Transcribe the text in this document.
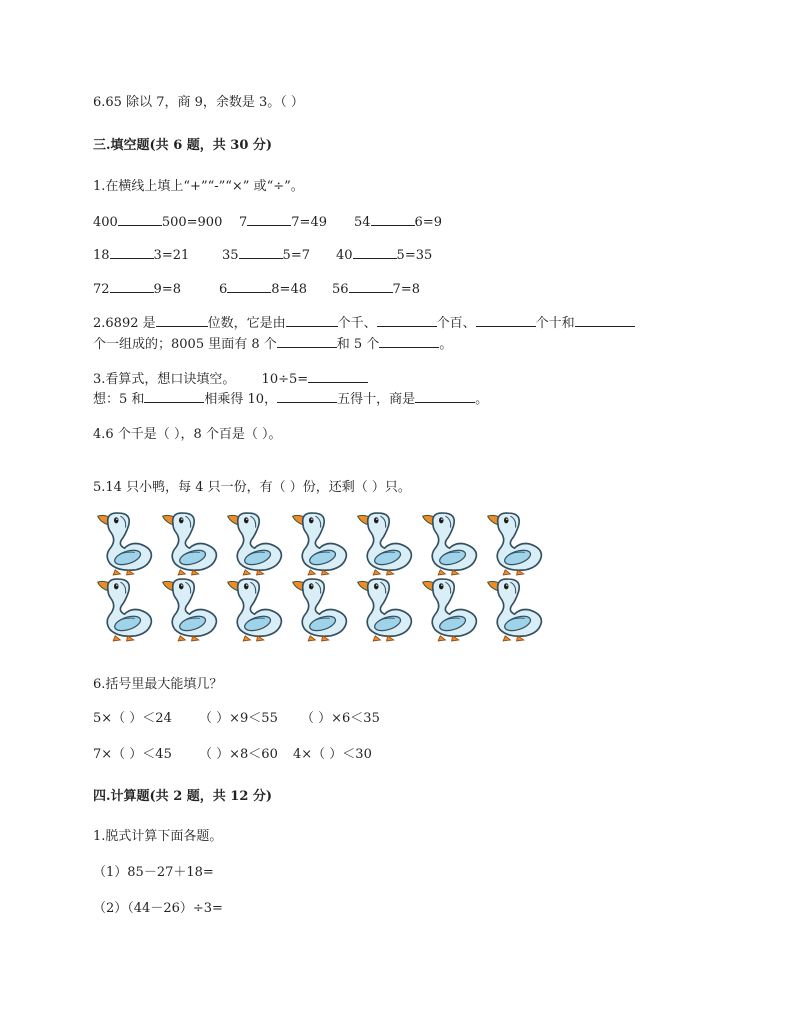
6.65 除以 7，商 9，余数是 3。（ ）
三.填空题(共 6 题，共 30 分)
1.在横线上填上“+”“-”“×” 或“÷”。
400	500=900 7	7=49 54	6=9
18	3=21	35	5=7 40	5=35
72	9=8	6	8=48 56	7=8
2.6892 是	位数，它是由	个千、	个百、	个十和
个一组成的；8005 里面有 8 个	和 5 个	。
3.看算式，想口诀填空。 10÷5=
想：5 和	相乘得 10，	五得十，商是	。
4.6 个千是（ ），8 个百是（ ）。
5.14 只小鸭，每 4 只一份，有（ ）份，还剩（ ）只。
6.括号里最大能填几？
5×（ ）＜24 （ ）×9＜55 （ ）×6＜35
7×（ ）＜45 （ ）×8＜60 4×（ ）＜30
四.计算题(共 2 题，共 12 分)
1.脱式计算下面各题。
（1）85－27＋18=
（2）（44－26）÷3=
